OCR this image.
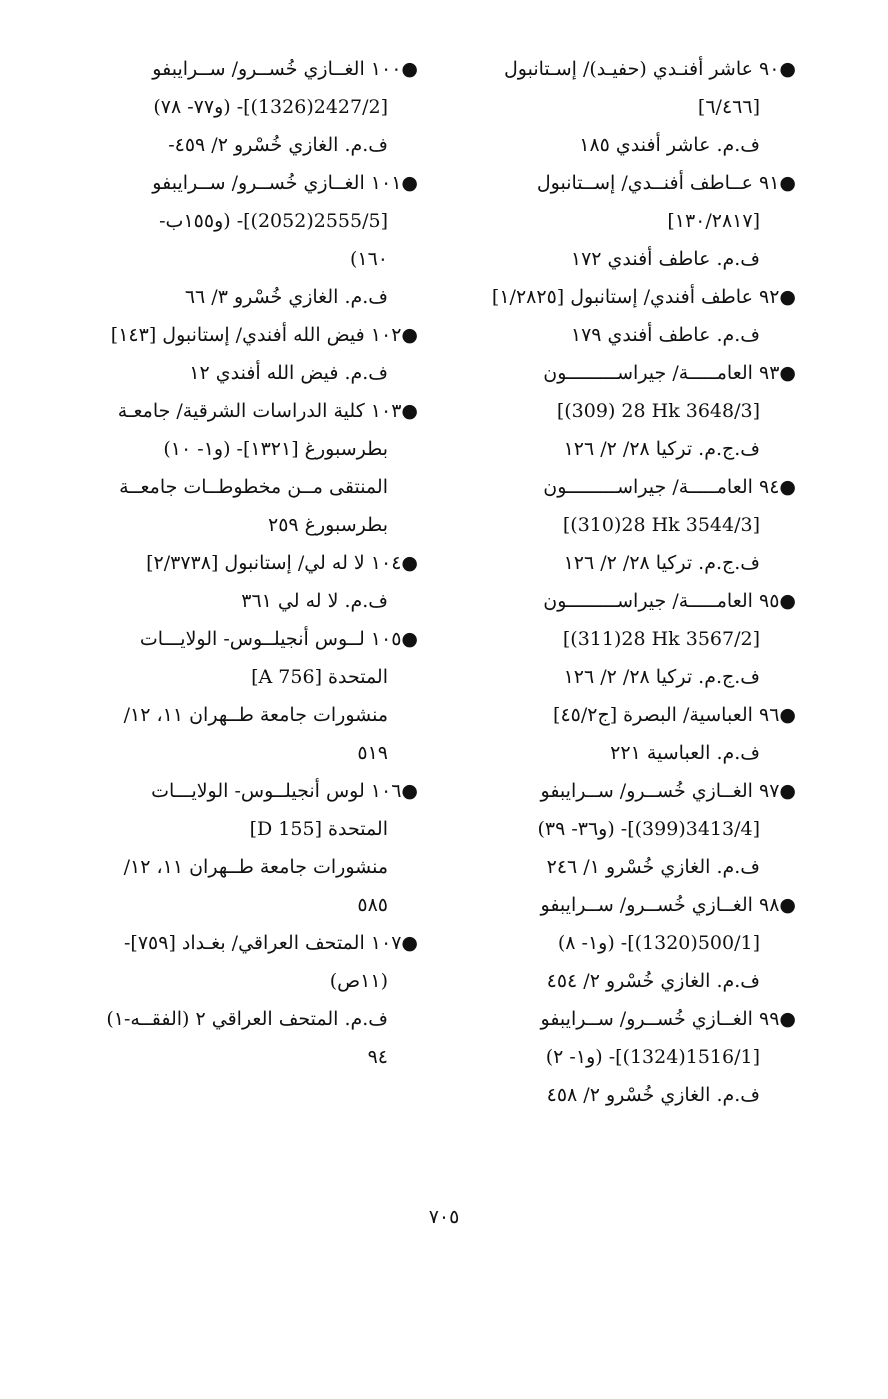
●٩٠ عاشر أفنـدي (حفيـد)/ إسـتانبول
[٦/٤٦٦]
ف.م. عاشر أفندي ١٨٥
●٩١ عــاطف أفنــدي/ إســتانبول
[١٣٠/٢٨١٧]
ف.م. عاطف أفندي ١٧٢
●٩٢ عاطف أفندي/ إستانبول [١/٢٨٢٥]
ف.م. عاطف أفندي ١٧٩
●٩٣ العامـــــة/ جيراســـــــــون
[(309) 28 Hk 3648/3]
ف.ج.م. تركيا ٢٨/ ٢/ ١٢٦
●٩٤ العامـــــة/ جيراســـــــــون
[(310)28 Hk 3544/3]
ف.ج.م. تركيا ٢٨/ ٢/ ١٢٦
●٩٥ العامـــــة/ جيراســـــــــون
[(311)28 Hk 3567/2]
ف.ج.م. تركيا ٢٨/ ٢/ ١٢٦
●٩٦ العباسية/ البصرة [ج٤٥/٢]
ف.م. العباسية ٢٢١
●٩٧ الغــازي خُســرو/ ســرايبفو
[3413/4(399)]- (و٣٦- ٣٩)
ف.م. الغازي خُسْرو ١/ ٢٤٦
●٩٨ الغــازي خُســرو/ ســرايبفو
[500/1(1320)]- (و١- ٨)
ف.م. الغازي خُسْرو ٢/ ٤٥٤
●٩٩ الغــازي خُســرو/ ســرايبفو
[1516/1(1324)]- (و١- ٢)
ف.م. الغازي خُسْرو ٢/ ٤٥٨
●١٠٠ الغــازي خُســرو/ ســرايبفو
[2427/2(1326)]- (و٧٧- ٧٨)
ف.م. الغازي خُسْرو ٢/ ٤٥٩-
●١٠١ الغــازي خُســرو/ ســرايبفو
[2555/5(2052)]- (و١٥٥ب-
١٦٠)
ف.م. الغازي خُسْرو ٣/ ٦٦
●١٠٢ فيض الله أفندي/ إستانبول [١٤٣]
ف.م. فيض الله أفندي ١٢
●١٠٣ كلية الدراسات الشرقية/ جامعـة
بطرسبورغ [١٣٢١]- (و١- ١٠)
المنتقى مــن مخطوطــات جامعــة
بطرسبورغ ٢٥٩
●١٠٤ لا له لي/ إستانبول [٢/٣٧٣٨]
ف.م. لا له لي ٣٦١
●١٠٥ لــوس أنجيلــوس- الولايـــات
المتحدة [A 756]
منشورات جامعة طــهران ١١، ١٢/
٥١٩
●١٠٦ لوس أنجيلــوس- الولايـــات
المتحدة [D 155]
منشورات جامعة طــهران ١١، ١٢/
٥٨٥
●١٠٧ المتحف العراقي/ بغـداد [٧٥٩]-
(١١ص)
ف.م. المتحف العراقي ٢ (الفقــه-١)
٩٤
٧٠٥
